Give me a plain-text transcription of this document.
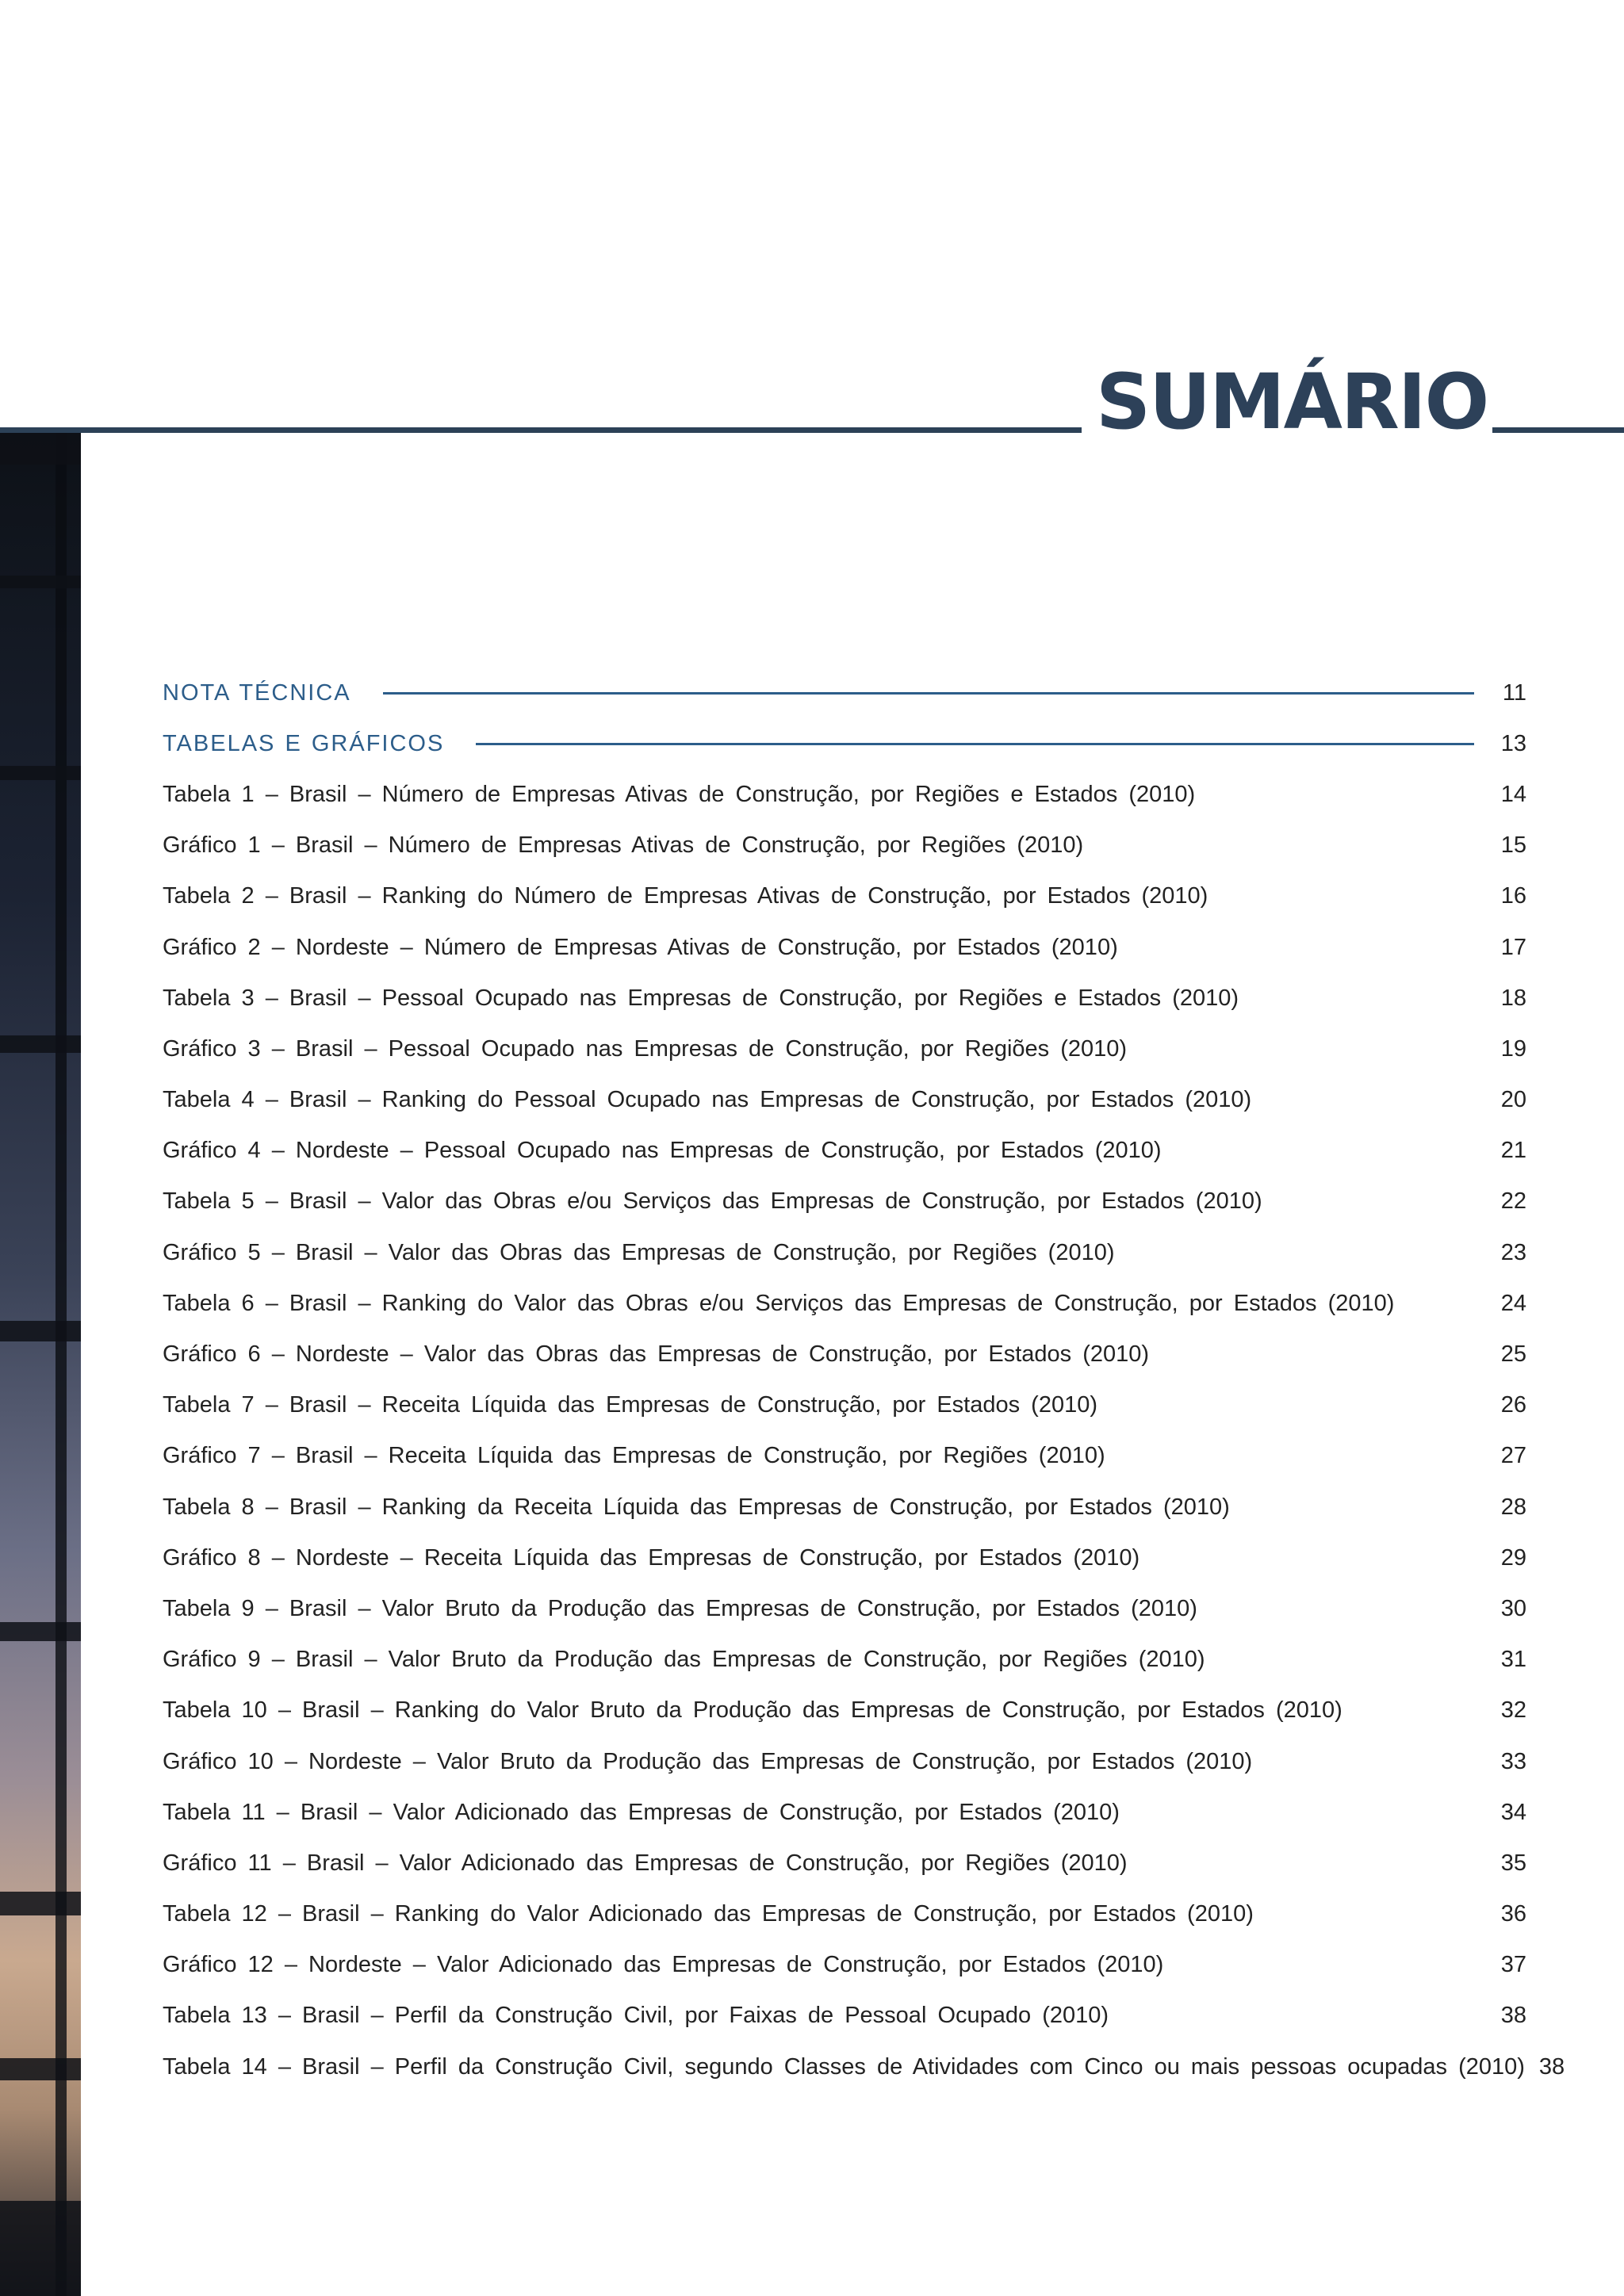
SUMÁRIO
NOTA TÉCNICA	11
TABELAS E GRÁFICOS	13
Tabela 1 – Brasil – Número de Empresas Ativas de Construção, por Regiões e Estados (2010)	14
Gráfico 1 – Brasil – Número de Empresas Ativas de Construção, por Regiões (2010)	15
Tabela 2 – Brasil – Ranking do Número de Empresas Ativas de Construção, por Estados (2010)	16
Gráfico 2 – Nordeste – Número de Empresas Ativas de Construção, por Estados (2010)	17
Tabela 3 – Brasil – Pessoal Ocupado nas Empresas de Construção, por Regiões e Estados (2010)	18
Gráfico 3 – Brasil – Pessoal Ocupado nas Empresas de Construção, por Regiões (2010)	19
Tabela 4 – Brasil – Ranking do Pessoal Ocupado nas Empresas de Construção, por Estados (2010)	20
Gráfico 4 – Nordeste – Pessoal Ocupado nas Empresas de Construção, por Estados (2010)	21
Tabela 5 – Brasil – Valor das Obras e/ou Serviços das Empresas de Construção, por Estados (2010)	22
Gráfico 5 – Brasil – Valor das Obras das Empresas de Construção, por Regiões (2010)	23
Tabela 6 – Brasil – Ranking do Valor das Obras e/ou Serviços das Empresas de Construção, por Estados (2010)	24
Gráfico 6 – Nordeste – Valor das Obras das Empresas de Construção, por Estados (2010)	25
Tabela 7 – Brasil – Receita Líquida das Empresas de Construção, por Estados (2010)	26
Gráfico 7 – Brasil – Receita Líquida das Empresas de Construção, por Regiões (2010)	27
Tabela 8 – Brasil – Ranking da Receita Líquida das Empresas de Construção, por Estados (2010)	28
Gráfico 8 – Nordeste – Receita Líquida das Empresas de Construção, por Estados (2010)	29
Tabela 9 – Brasil – Valor Bruto da Produção das Empresas de Construção, por Estados (2010)	30
Gráfico 9 – Brasil – Valor Bruto da Produção das Empresas de Construção, por Regiões (2010)	31
Tabela 10 – Brasil – Ranking do Valor Bruto da Produção das Empresas de Construção, por Estados (2010)	32
Gráfico 10 – Nordeste – Valor Bruto da Produção das Empresas de Construção, por Estados (2010)	33
Tabela 11 – Brasil – Valor Adicionado das Empresas de Construção, por Estados (2010)	34
Gráfico 11 – Brasil – Valor Adicionado das Empresas de Construção, por Regiões (2010)	35
Tabela 12 – Brasil – Ranking do Valor Adicionado das Empresas de Construção, por Estados (2010)	36
Gráfico 12 – Nordeste – Valor Adicionado das Empresas de Construção, por Estados (2010)	37
Tabela 13 – Brasil – Perfil da Construção Civil, por Faixas de Pessoal Ocupado (2010)	38
Tabela 14 – Brasil – Perfil da Construção Civil, segundo Classes de Atividades com Cinco ou mais pessoas ocupadas (2010) 38
